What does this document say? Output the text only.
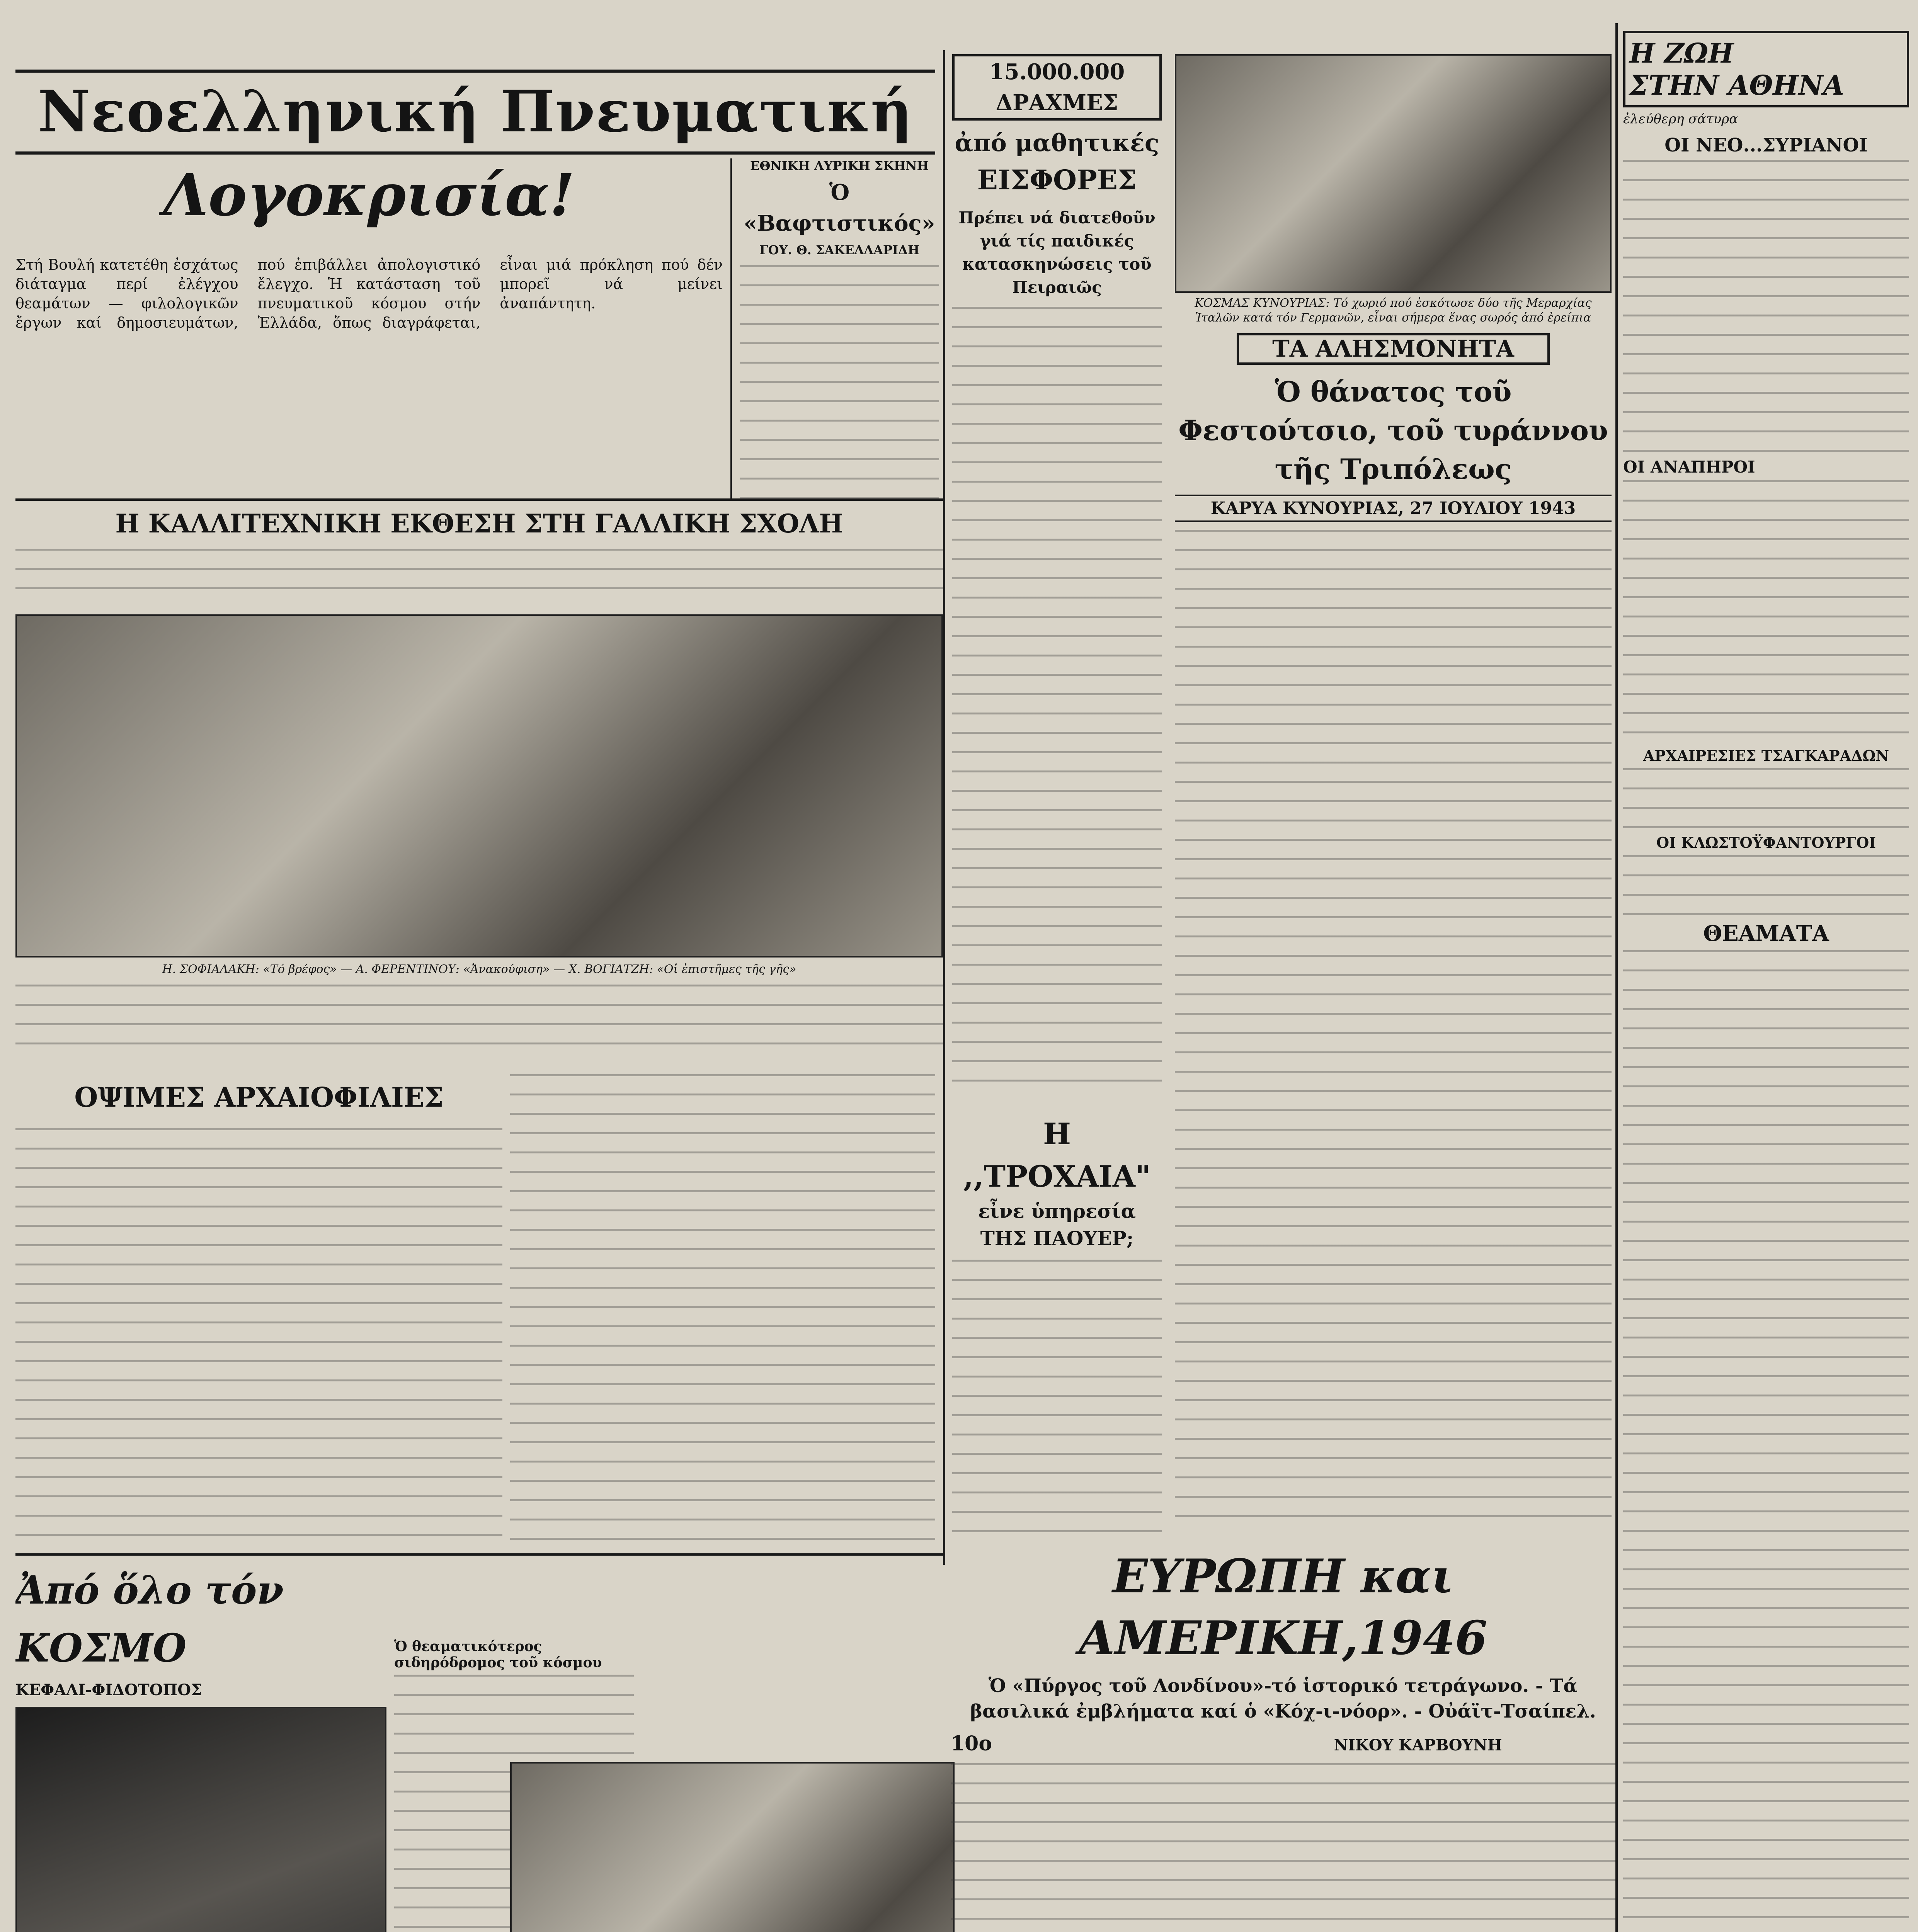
Νεοελληνική Πνευματική
Λογοκρισία!
Στή Βουλή κατετέθη ἐσχάτως διάταγμα περί ἐλέγχου θεαμάτων — φιλολογικῶν ἔργων καί δημοσιευμάτων, πού ἐπιβάλλει ἀπολογιστικό ἔλεγχο. Ἡ κατάσταση τοῦ πνευματικοῦ κόσμου στήν Ἑλλάδα, ὅπως διαγράφεται, εἶναι μιά πρόκληση πού δέν μπορεῖ νά μείνει ἀναπάντητη.
ΕΘΝΙΚΗ ΛΥΡΙΚΗ ΣΚΗΝΗ
Ὁ «Βαφτιστικός»
ΓΟΥ. Θ. ΣΑΚΕΛΛΑΡΙΔΗ
Η ΚΑΛΛΙΤΕΧΝΙΚΗ ΕΚΘΕΣΗ ΣΤΗ ΓΑΛΛΙΚΗ ΣΧΟΛΗ
Η. ΣΟΦΙΑΛΑΚΗ: «Τό βρέφος» — Α. ΦΕΡΕΝΤΙΝΟΥ: «Ἀνακούφιση» — Χ. ΒΟΓΙΑΤΖΗ: «Οἱ ἐπιστῆμες τῆς γῆς»
ΟΨΙΜΕΣ ΑΡΧΑΙΟΦΙΛΙΕΣ
Ἀπό ὅλο τόν ΚΟΣΜΟ
ΚΕΦΑΛΙ-ΦΙΔΟΤΟΠΟΣ
Ὁ θεαματικότερος σιδηρόδρομος τοῦ κόσμου
15.000.000 ΔΡΑΧΜΕΣ
ἀπό μαθητικές
ΕΙΣΦΟΡΕΣ
Πρέπει νά διατεθοῦν γιά τίς παιδικές κατασκηνώσεις τοῦ Πειραιῶς
Η ,,ΤΡΟΧΑΙΑ"
εἶνε ὑπηρεσία ΤΗΣ ΠΑΟΥΕΡ;
ΚΟΣΜΑΣ ΚΥΝΟΥΡΙΑΣ: Τό χωριό πού ἐσκότωσε δύο τῆς Μεραρχίας Ἰταλῶν κατά τόν Γερμανῶν, εἶναι σήμερα ἕνας σωρός ἀπό ἐρείπια
ΤΑ ΑΛΗΣΜΟΝΗΤΑ
Ὁ θάνατος τοῦ Φεστούτσιο, τοῦ τυράννου τῆς Τριπόλεως
ΚΑΡΥΑ ΚΥΝΟΥΡΙΑΣ, 27 ΙΟΥΛΙΟΥ 1943
ΕΥΡΩΠΗ και ΑΜΕΡΙΚΗ,1946
Ὁ «Πύργος τοῦ Λονδίνου»-τό ἱστορικό τετράγωνο. - Τά βασιλικά ἐμβλήματα καί ὁ «Κόχ-ι-νόορ». - Οὐάϊτ-Τσαίπελ.
10ο	ΝΙΚΟΥ ΚΑΡΒΟΥΝΗ
Η ΖΩΗ
ΣΤΗΝ ΑΘΗΝΑ
ἐλεύθερη σάτυρα
ΟΙ ΝΕΟ...ΣΥΡΙΑΝΟΙ
ΟΙ ΑΝΑΠΗΡΟΙ
ΑΡΧΑΙΡΕΣΙΕΣ ΤΣΑΓΚΑΡΑΔΩΝ
ΟΙ ΚΛΩΣΤΟΫΦΑΝΤΟΥΡΓΟΙ
ΘΕΑΜΑΤΑ
